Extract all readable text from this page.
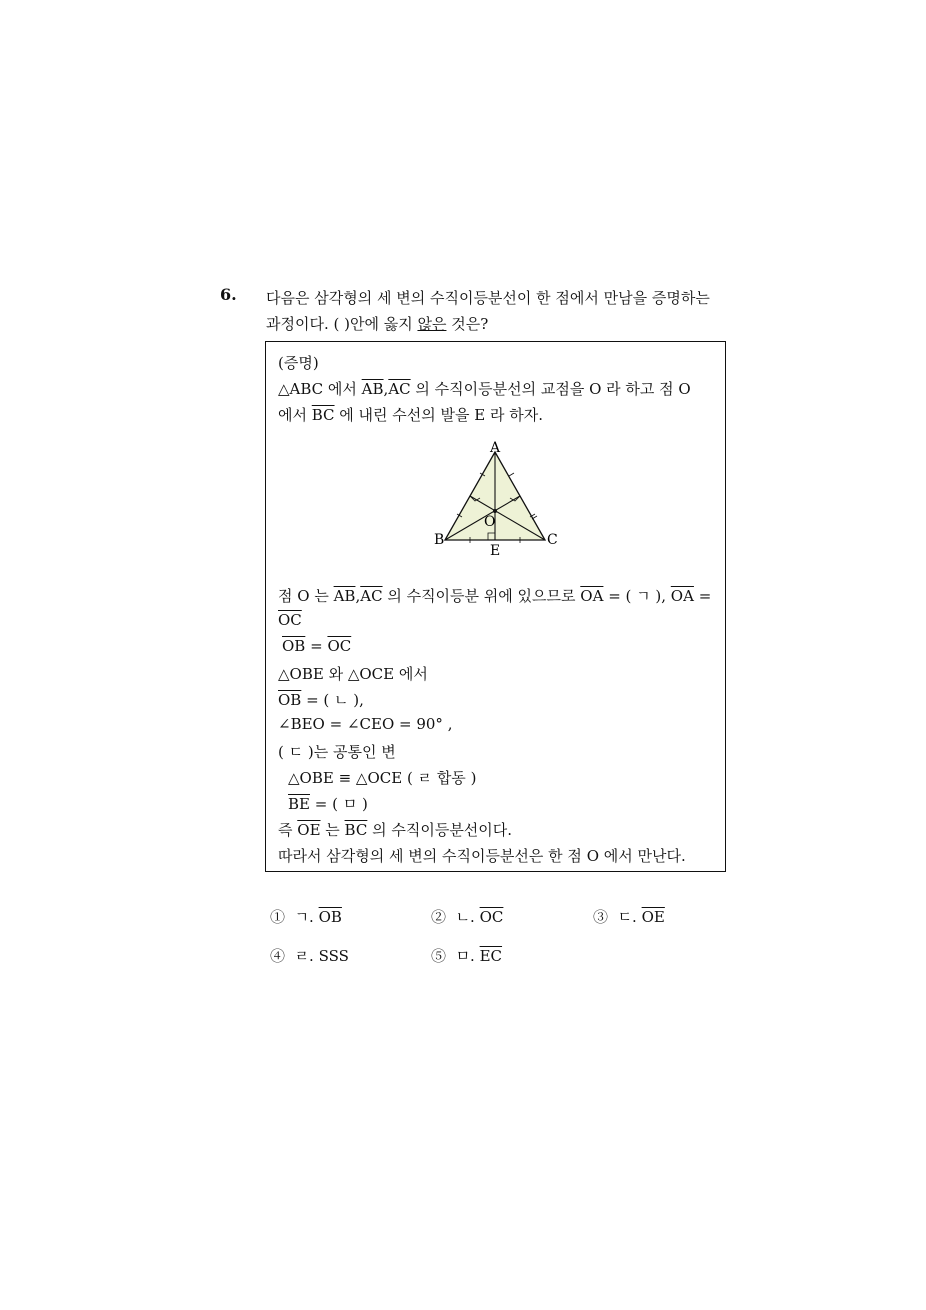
6. 다음은 삼각형의 세 변의 수직이등분선이 한 점에서 만남을 증명하는
과정이다. ( )안에 옳지 않은 것은?
(증명)
△ABC 에서 $\overline{AB},\overline{AC}$ 의 수직이등분선의 교점을 O 라 하고 점 O
에서 $\overline{BC}$ 에 내린 수선의 발을 E 라 하자.
A
B	C
O
E
점 O 는 $\overline{AB},\overline{AC}$ 의 수직이등분 위에 있으므로 $\overline{OA}$ = ( ㄱ ), $\overline{OA}$ =
$\overline{OC}$
$\overline{OB} = \overline{OC}$
△OBE 와 △OCE 에서
$\overline{OB}$ = ( ㄴ ),
∠BEO = ∠CEO = 90° ,
( ㄷ )는 공통인 변
△OBE ≡ △OCE ( ㄹ 합동 )
$\overline{BE}$ = ( ㅁ )
즉 $\overline{OE}$ 는 $\overline{BC}$ 의 수직이등분선이다.
따라서 삼각형의 세 변의 수직이등분선은 한 점 O 에서 만난다.
① ㄱ. $\overline{OB}$	② ㄴ. $\overline{OC}$	③ ㄷ. $\overline{OE}$
④ ㄹ. SSS	⑤ ㅁ. $\overline{EC}$
